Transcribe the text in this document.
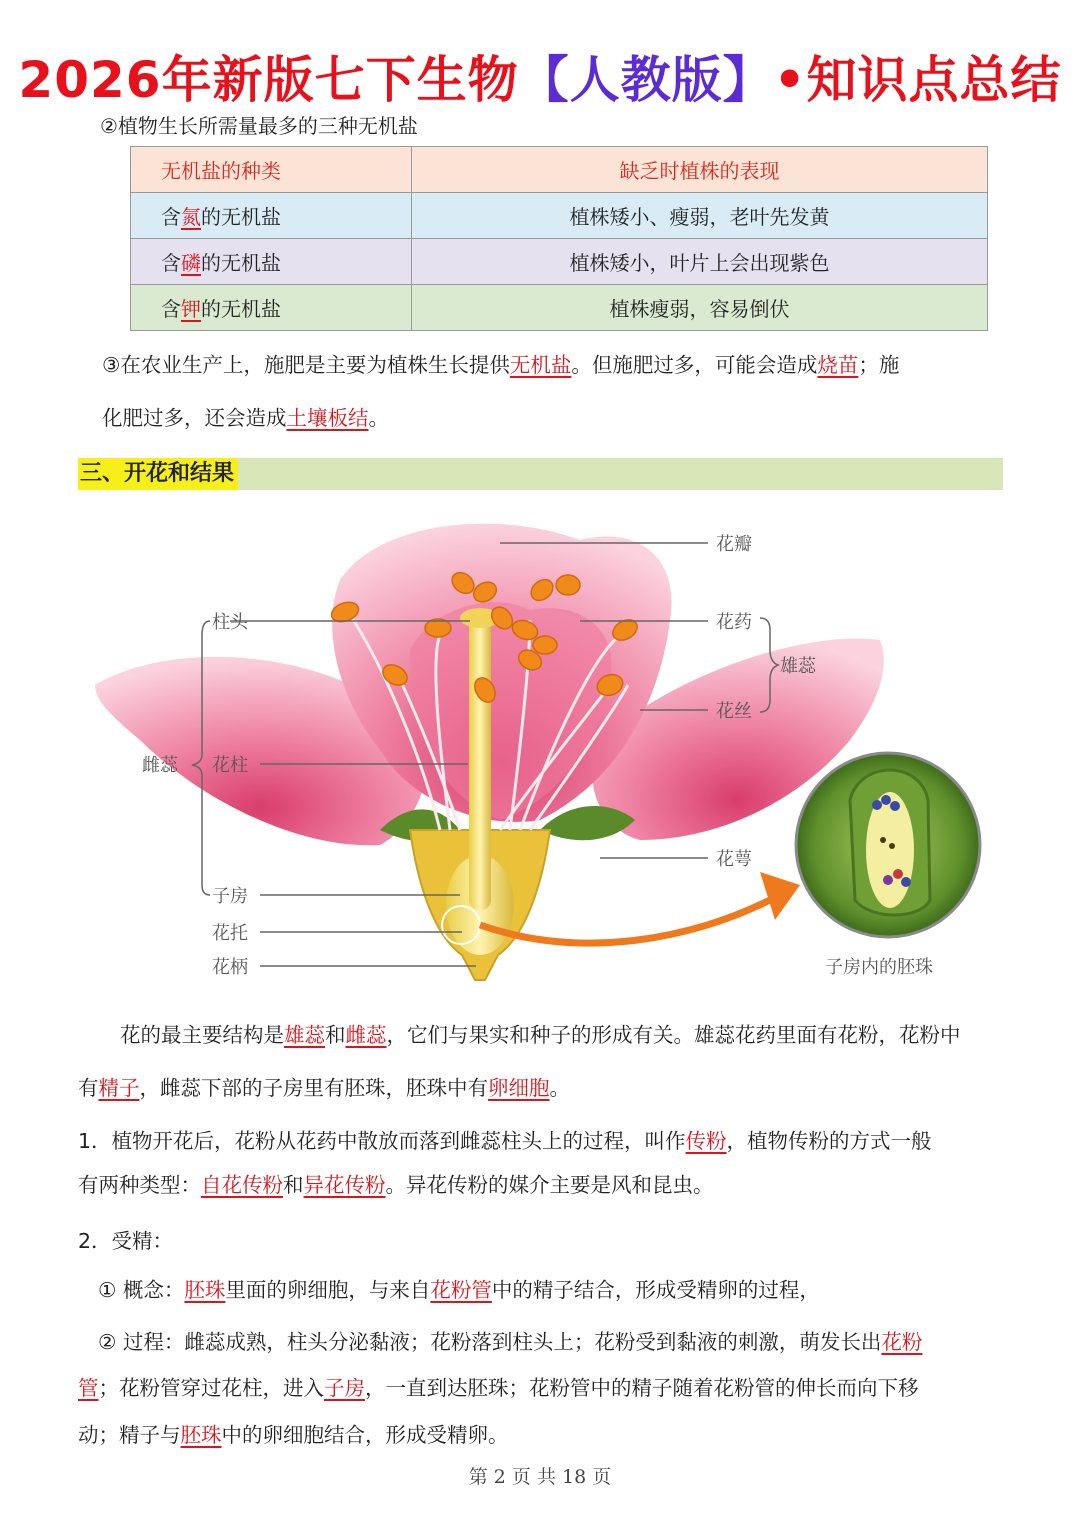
2026年新版七下生物【人教版】•知识点总结
②植物生长所需量最多的三种无机盐
无机盐的种类	缺乏时植株的表现
含氮的无机盐	植株矮小、瘦弱，老叶先发黄
含磷的无机盐	植株矮小，叶片上会出现紫色
含钾的无机盐	植株瘦弱，容易倒伏
③在农业生产上，施肥是主要为植株生长提供无机盐。但施肥过多，可能会造成烧苗；施
化肥过多，还会造成土壤板结。
三、开花和结果
花瓣
柱头	花药
雄蕊
花丝
雌蕊 花柱
花萼
子房
花托
花柄	子房内的胚珠
花的最主要结构是雄蕊和雌蕊，它们与果实和种子的形成有关。雄蕊花药里面有花粉，花粉中
有精子，雌蕊下部的子房里有胚珠，胚珠中有卵细胞。
1．植物开花后，花粉从花药中散放而落到雌蕊柱头上的过程，叫作传粉，植物传粉的方式一般
有两种类型：自花传粉和异花传粉。异花传粉的媒介主要是风和昆虫。
2．受精：
① 概念：胚珠里面的卵细胞，与来自花粉管中的精子结合，形成受精卵的过程，
② 过程：雌蕊成熟，柱头分泌黏液；花粉落到柱头上；花粉受到黏液的刺激，萌发长出花粉
管；花粉管穿过花柱，进入子房，一直到达胚珠；花粉管中的精子随着花粉管的伸长而向下移
动；精子与胚珠中的卵细胞结合，形成受精卵。
第 2 页 共 18 页
